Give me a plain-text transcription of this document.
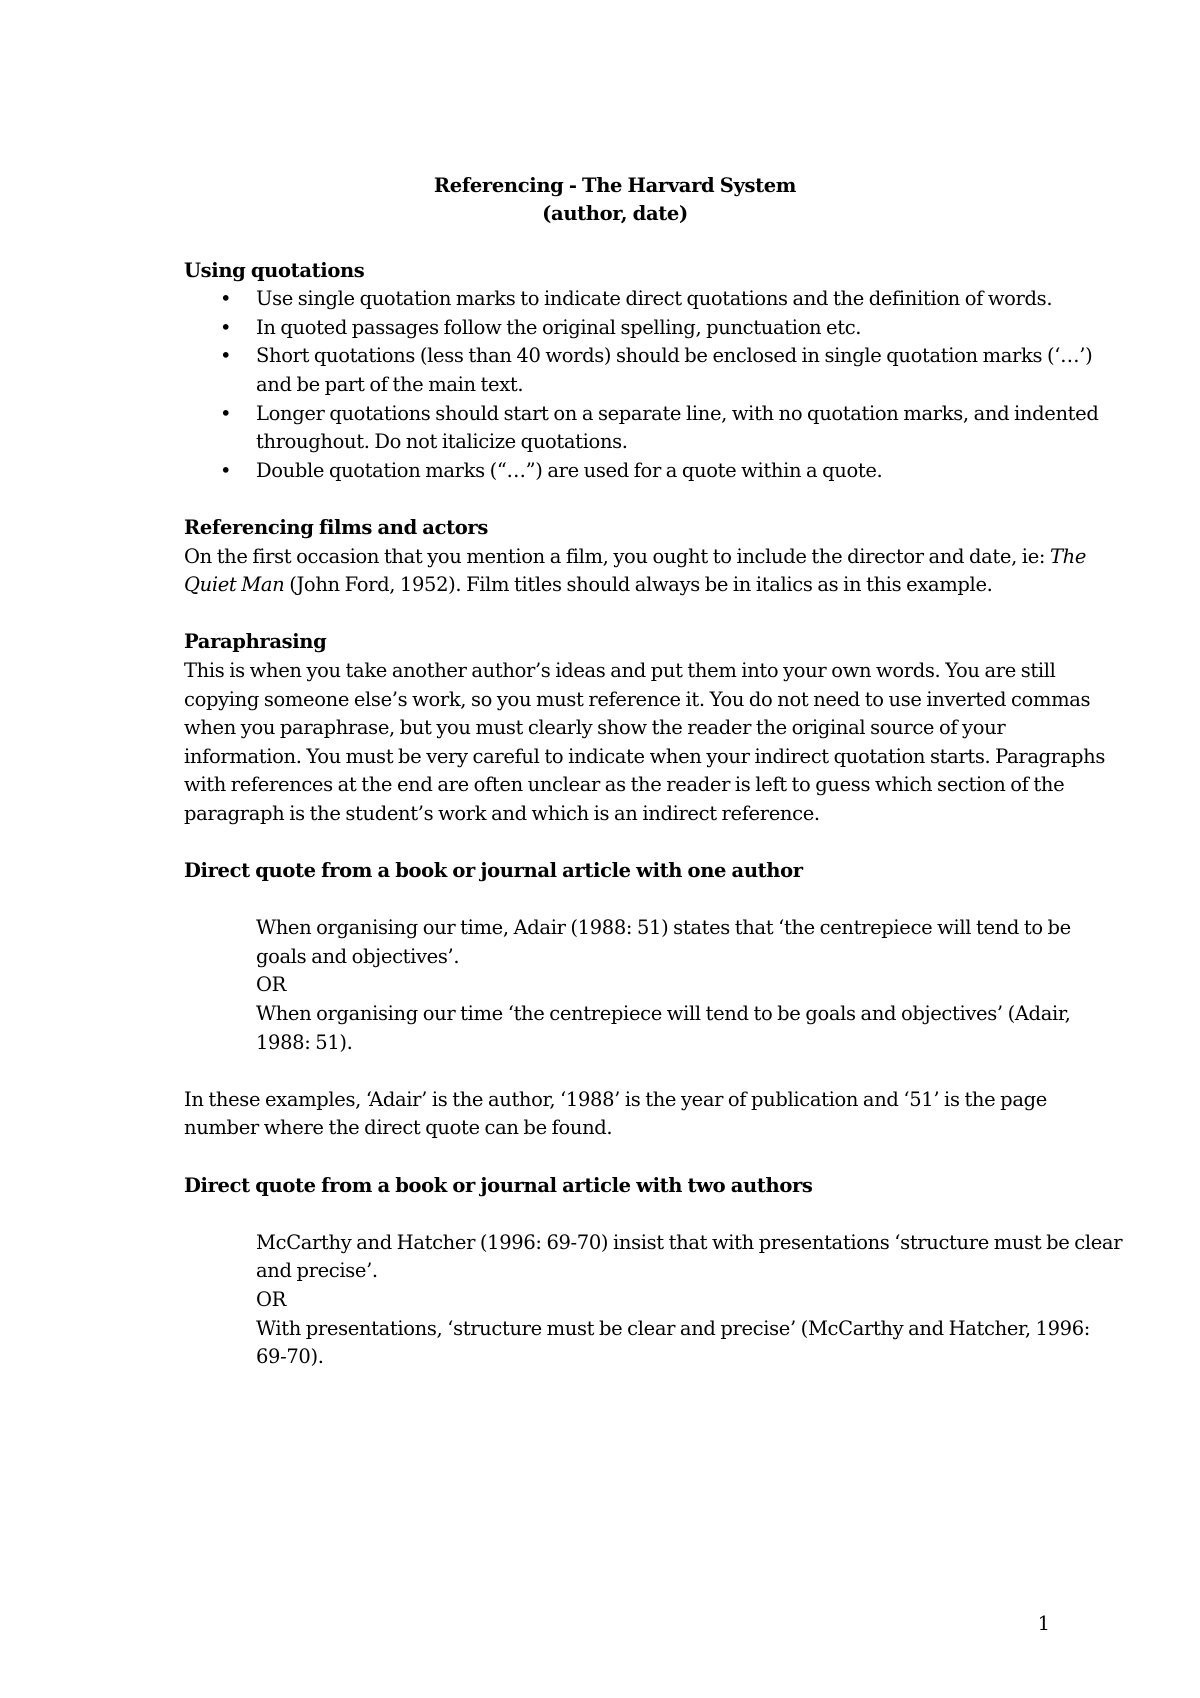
Referencing - The Harvard System
(author, date)
Using quotations
• Use single quotation marks to indicate direct quotations and the definition of words.
• In quoted passages follow the original spelling, punctuation etc.
• Short quotations (less than 40 words) should be enclosed in single quotation marks (‘…’) and be part of the main text.
• Longer quotations should start on a separate line, with no quotation marks, and indented throughout. Do not italicize quotations.
• Double quotation marks (“…”) are used for a quote within a quote.
Referencing films and actors

On the first occasion that you mention a film, you ought to include the director and date, ie: The Quiet Man (John Ford, 1952). Film titles should always be in italics as in this example.

Paraphrasing

This is when you take another author’s ideas and put them into your own words. You are still copying someone else’s work, so you must reference it. You do not need to use inverted commas when you paraphrase, but you must clearly show the reader the original source of your information. You must be very careful to indicate when your indirect quotation starts. Paragraphs with references at the end are often unclear as the reader is left to guess which section of the paragraph is the student’s work and which is an indirect reference.

Direct quote from a book or journal article with one author

When organising our time, Adair (1988: 51) states that ‘the centrepiece will tend to be goals and objectives’.

OR

When organising our time ‘the centrepiece will tend to be goals and objectives’ (Adair, 1988: 51).

In these examples, ‘Adair’ is the author, ‘1988’ is the year of publication and ‘51’ is the page number where the direct quote can be found.

Direct quote from a book or journal article with two authors

McCarthy and Hatcher (1996: 69-70) insist that with presentations ‘structure must be clear and precise’.

OR

With presentations, ‘structure must be clear and precise’ (McCarthy and Hatcher, 1996: 69-70).

1
